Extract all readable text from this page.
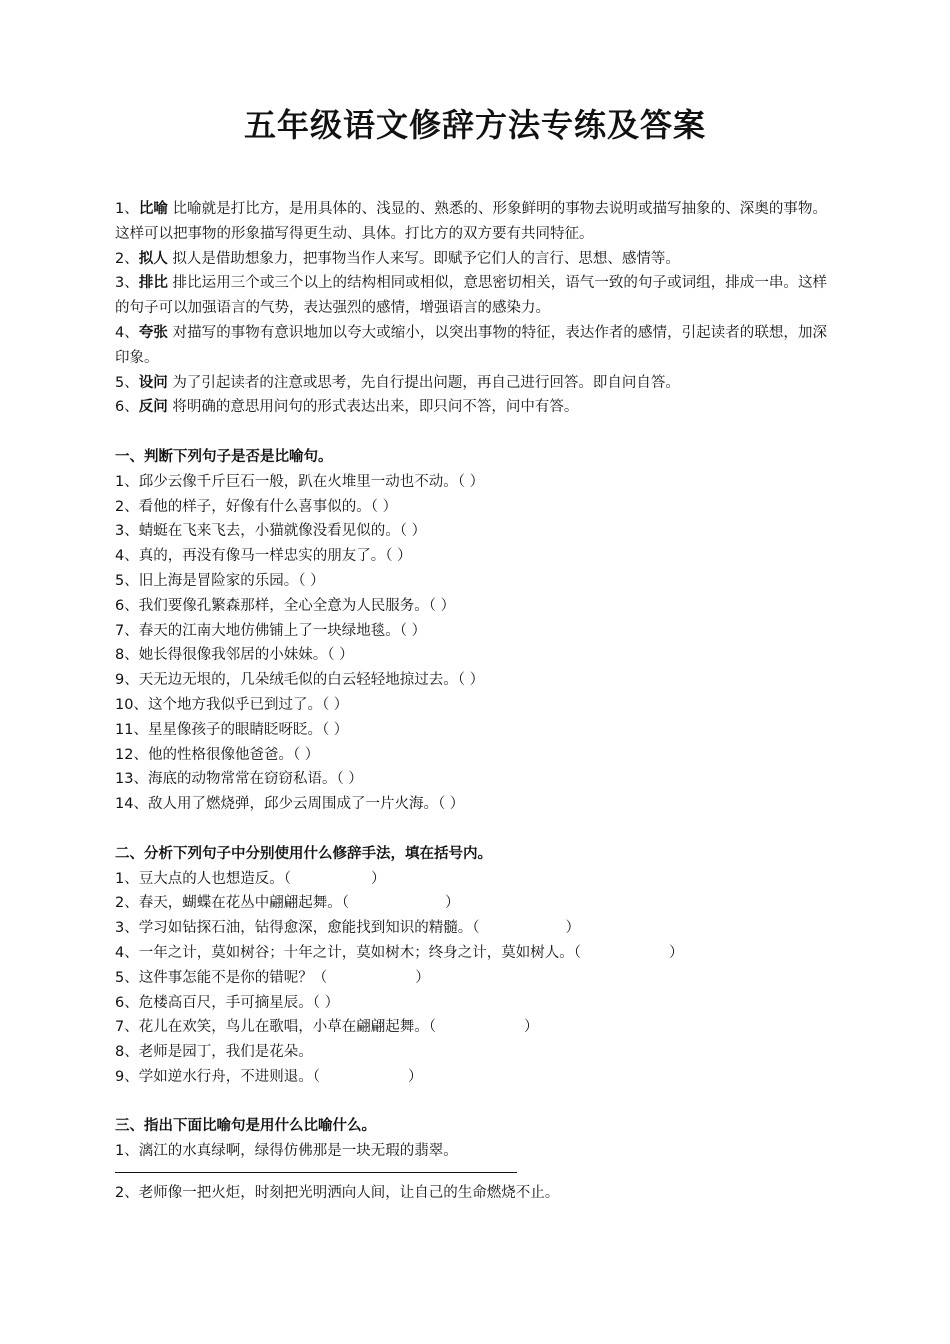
五年级语文修辞方法专练及答案
1、比喻 比喻就是打比方，是用具体的、浅显的、熟悉的、形象鲜明的事物去说明或描写抽象的、深奥的事物。这样可以把事物的形象描写得更生动、具体。打比方的双方要有共同特征。
2、拟人 拟人是借助想象力，把事物当作人来写。即赋予它们人的言行、思想、感情等。
3、排比 排比运用三个或三个以上的结构相同或相似，意思密切相关，语气一致的句子或词组，排成一串。这样的句子可以加强语言的气势，表达强烈的感情，增强语言的感染力。
4、夸张 对描写的事物有意识地加以夸大或缩小，以突出事物的特征，表达作者的感情，引起读者的联想，加深印象。
5、设问 为了引起读者的注意或思考，先自行提出问题，再自己进行回答。即自问自答。
6、反问 将明确的意思用问句的形式表达出来，即只问不答，问中有答。
一、判断下列句子是否是比喻句。
1、邱少云像千斤巨石一般，趴在火堆里一动也不动。（ ）
2、看他的样子，好像有什么喜事似的。（ ）
3、蜻蜓在飞来飞去，小猫就像没看见似的。（ ）
4、真的，再没有像马一样忠实的朋友了。（ ）
5、旧上海是冒险家的乐园。（ ）
6、我们要像孔繁森那样，全心全意为人民服务。（ ）
7、春天的江南大地仿佛铺上了一块绿地毯。（ ）
8、她长得很像我邻居的小妹妹。（ ）
9、天无边无垠的，几朵绒毛似的白云轻轻地掠过去。（ ）
10、这个地方我似乎已到过了。（ ）
11、星星像孩子的眼睛眨呀眨。（ ）
12、他的性格很像他爸爸。（ ）
13、海底的动物常常在窃窃私语。（ ）
14、敌人用了燃烧弹，邱少云周围成了一片火海。（ ）
二、分析下列句子中分别使用什么修辞手法，填在括号内。
1、豆大点的人也想造反。（	）
2、春天，蝴蝶在花丛中翩翩起舞。（	）
3、学习如钻探石油，钻得愈深，愈能找到知识的精髓。（	）
4、一年之计，莫如树谷；十年之计，莫如树木；终身之计，莫如树人。（	）
5、这件事怎能不是你的错呢？（	）
6、危楼高百尺，手可摘星辰。（ ）
7、花儿在欢笑，鸟儿在歌唱，小草在翩翩起舞。（	）
8、老师是园丁，我们是花朵。
9、学如逆水行舟，不进则退。（	）
三、指出下面比喻句是用什么比喻什么。
1、漓江的水真绿啊，绿得仿佛那是一块无瑕的翡翠。
2、老师像一把火炬，时刻把光明洒向人间，让自己的生命燃烧不止。
